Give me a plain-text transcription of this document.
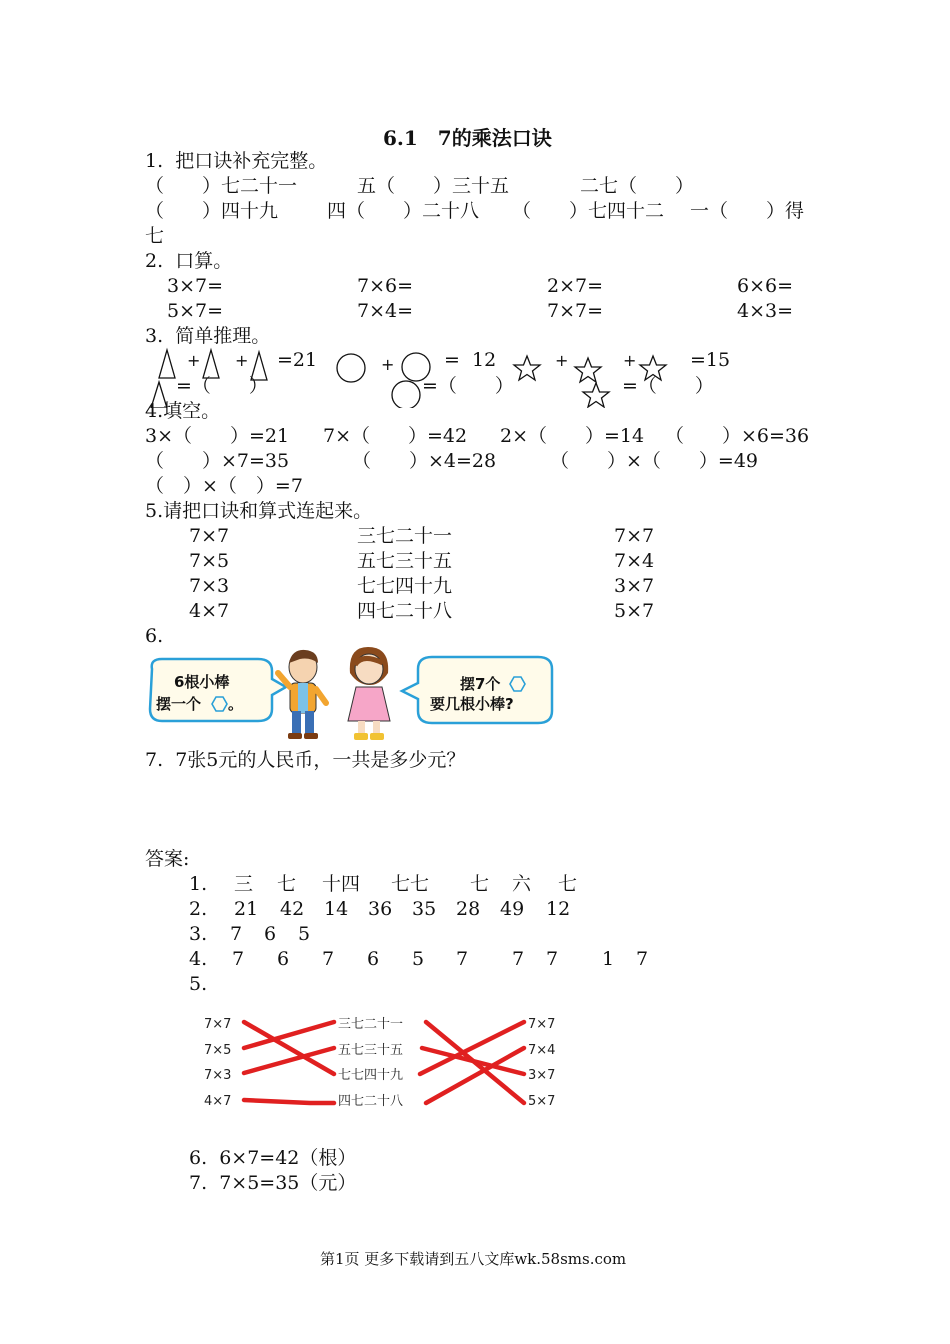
6.1　7的乘法口诀
1.  把口诀补充完整。
（　　）七二十一	五（　　）三十五	二七（　　）
（　　）四十九	四（　　）二十八 （　　）七四十二 一（　　）得
七
2.  口算。
3×7=	7×6=	2×7=	6×6=
5×7=	7×4=	7×7=	4×3=
3.  简单推理。
+ +	+	+	+
=21	=  12	=15
=（　　）	=（　　）	=（　　）
4.填空。
3×（　　）=21 7×（　　）=42 2×（　　）=14 （　　）×6=36
（　　）×7=35	（　　）×4=28	（　　）×（　　）=49
（　）×（　）=7
5.请把口诀和算式连起来。
7×7
7×5
7×3
4×7
三七二十一
五七三十五
七七四十九
四七二十八
7×7
7×4
3×7
5×7
6.
6根小棒
摆一个 。
摆7个
要几根小棒?
7.  7张5元的人民币，一共是多少元？
答案:
1. 三 七 十四 七七 七 六 七
2. 21 42 14 36 35 28 49 12
3. 7 6 5
4. 7 6 7 6 5 7 7 7 1 7
5.
7×7
7×5
7×3
4×7
三七二十一
五七三十五
七七四十九
四七二十八
7×7
7×4
3×7
5×7
6.  6×7=42（根）
7.  7×5=35（元）
第1页 更多下载请到五八文库wk.58sms.com
